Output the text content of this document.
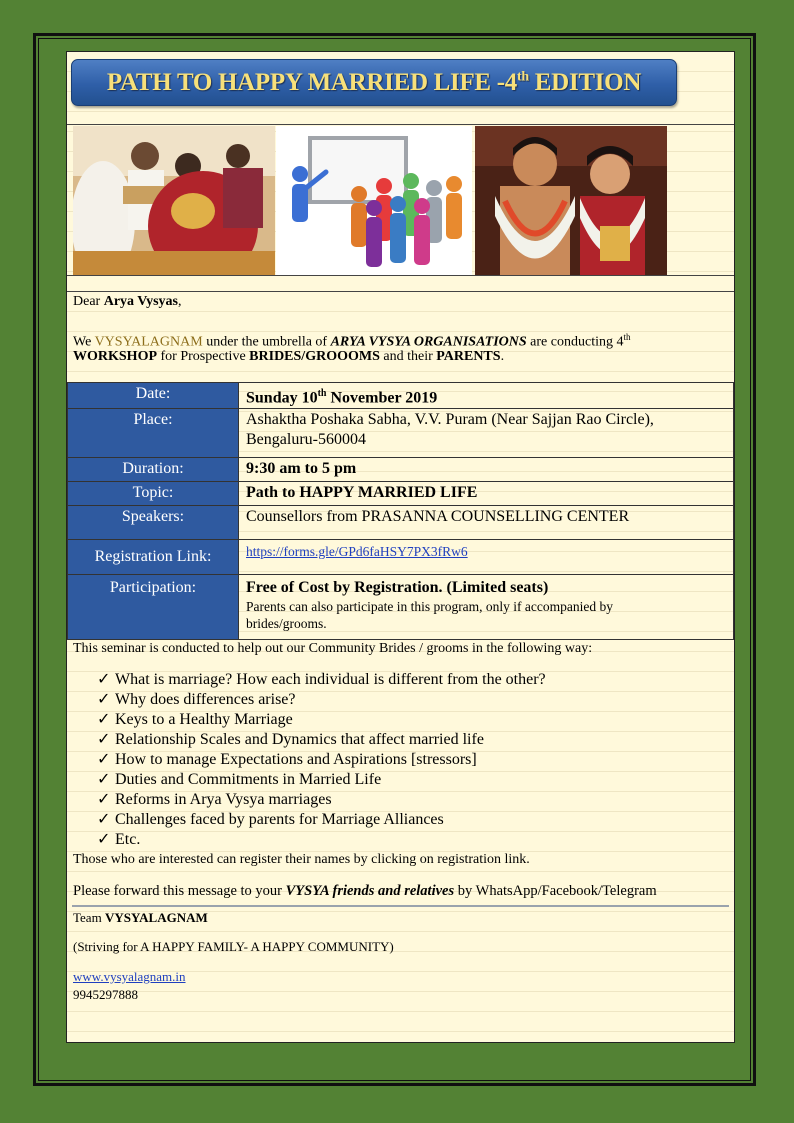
PATH TO HAPPY MARRIED LIFE -4th EDITION
Dear Arya Vysyas,
We VYSYALAGNAM under the umbrella of ARYA VYSYA ORGANISATIONS are conducting 4th
WORKSHOP for Prospective BRIDES/GROOOMS and their PARENTS.
Date:	Sunday 10th November 2019
Place:	Ashaktha Poshaka Sabha, V.V. Puram (Near Sajjan Rao Circle),
Bengaluru-560004

Duration:	9:30 am to 5 pm
Topic:	Path to HAPPY MARRIED LIFE
Speakers:	Counsellors from PRASANNA COUNSELLING CENTER
Registration Link:	https://forms.gle/GPd6faHSY7PX3fRw6
Participation:	Free of Cost by Registration. (Limited seats)
Parents can also participate in this program, only if accompanied by
brides/grooms.
This seminar is conducted to help out our Community Brides / grooms in the following way:
✓ What is marriage? How each individual is different from the other?
✓ Why does differences arise?
✓ Keys to a Healthy Marriage
✓ Relationship Scales and Dynamics that affect married life
✓ How to manage Expectations and Aspirations [stressors]
✓ Duties and Commitments in Married Life
✓ Reforms in Arya Vysya marriages
✓ Challenges faced by parents for Marriage Alliances
✓ Etc.
Those who are interested can register their names by clicking on registration link.
Please forward this message to your VYSYA friends and relatives by WhatsApp/Facebook/Telegram
Team VYSYALAGNAM
(Striving for A HAPPY FAMILY- A HAPPY COMMUNITY)
www.vysyalagnam.in
9945297888
